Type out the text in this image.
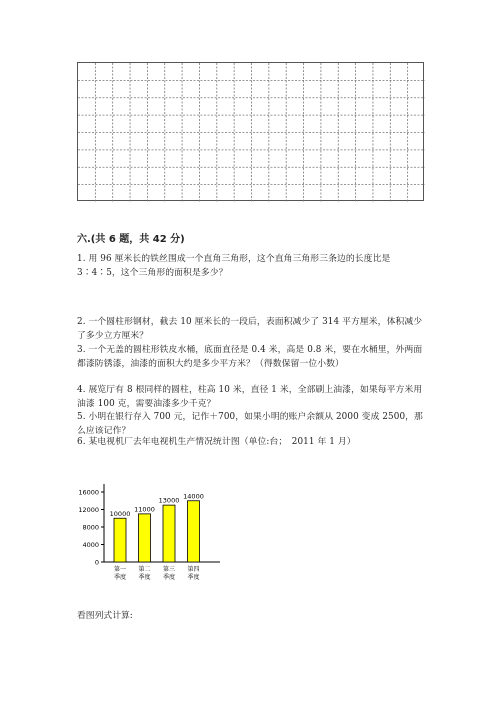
六.(共 6 题，共 42 分)
1. 用 96 厘米长的铁丝围成一个直角三角形，这个直角三角形三条边的长度比是 3∶4∶5，这个三角形的面积是多少？
2. 一个圆柱形钢材，截去 10 厘米长的一段后，表面积减少了 314 平方厘米，体积减少了多少立方厘米？
3. 一个无盖的圆柱形铁皮水桶，底面直径是 0.4 米，高是 0.8 米，要在水桶里，外两面都漆防锈漆，油漆的面积大约是多少平方米？（得数保留一位小数）
4. 展览厅有 8 根同样的圆柱，柱高 10 米，直径 1 米，全部刷上油漆，如果每平方米用油漆 100 克，需要油漆多少千克？
5. 小明在银行存入 700 元，记作＋700，如果小明的账户余额从 2000 变成 2500，那么应该记作？
6. 某电视机厂去年电视机生产情况统计图（单位:台；　2011 年 1 月）
0
4000
8000
12000
16000
10000
第一季度
11000
第二季度
13000
第三季度
14000
第四季度
看图列式计算:
